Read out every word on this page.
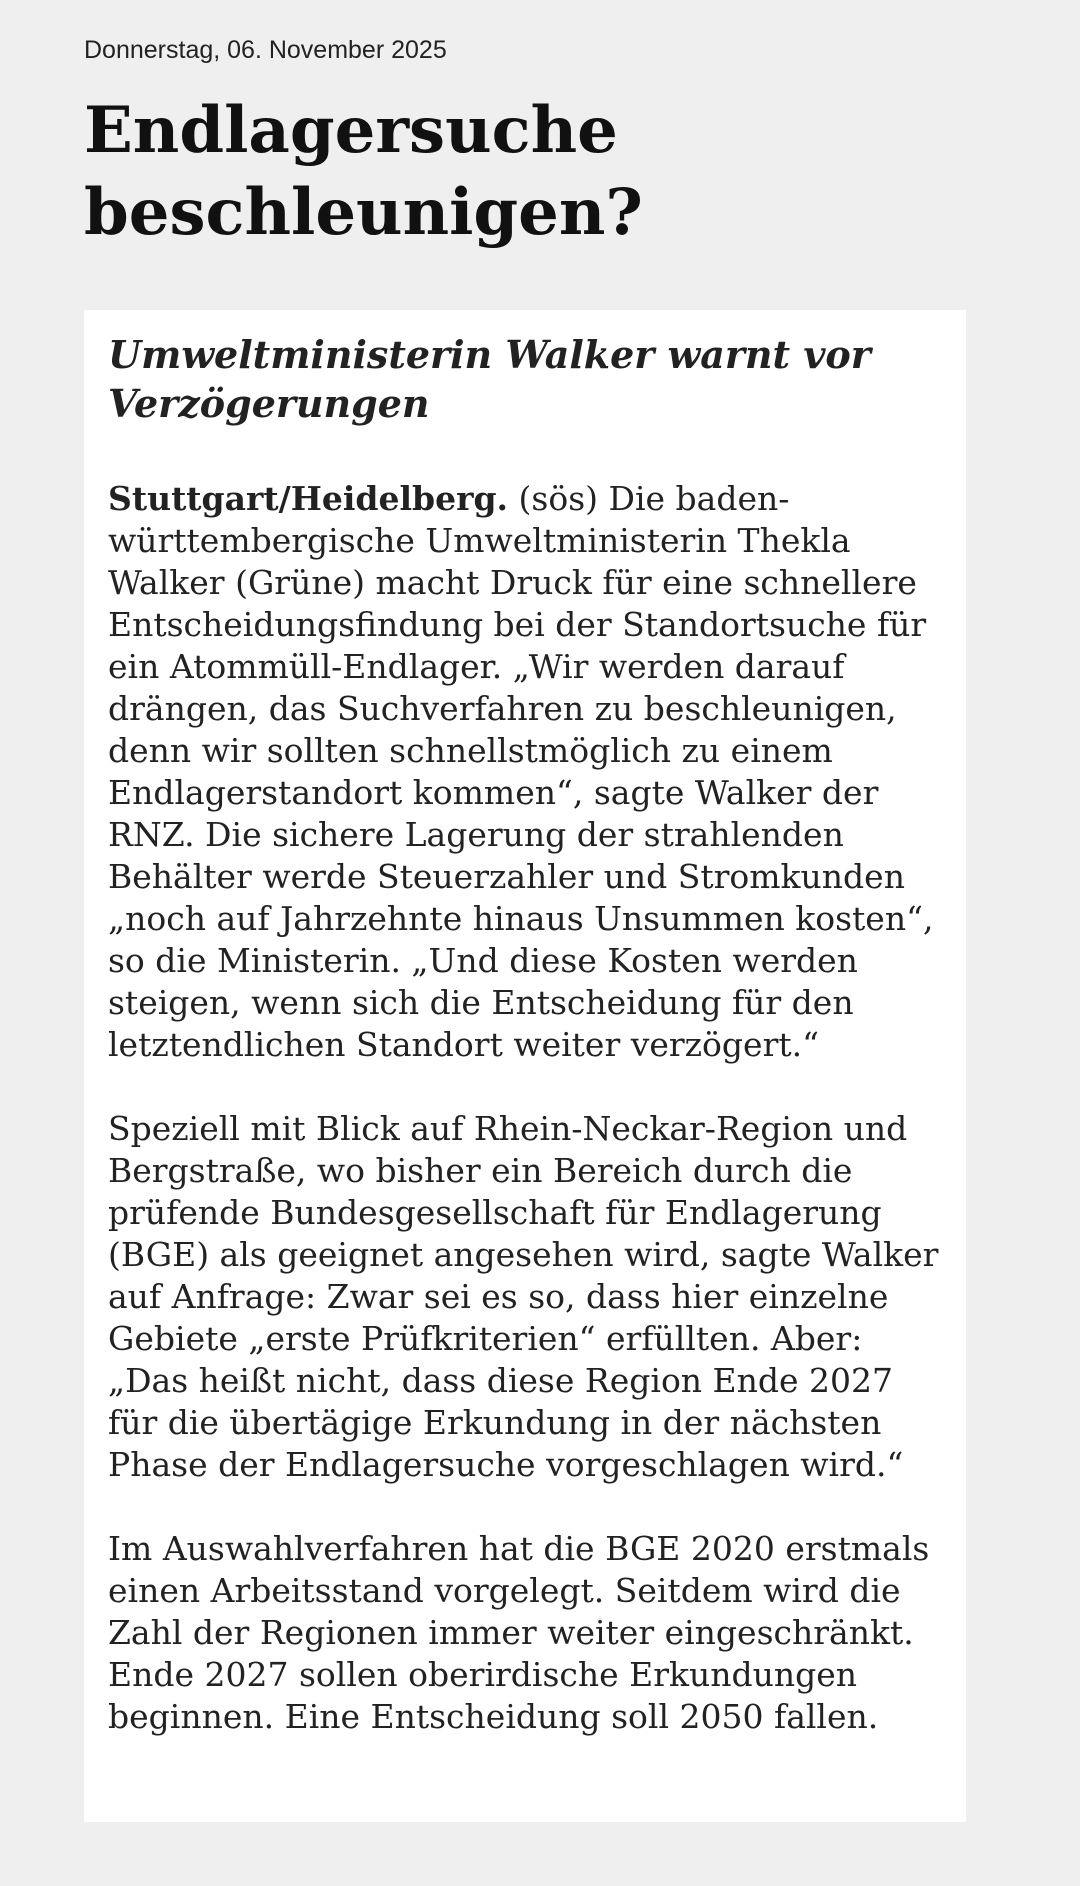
Donnerstag, 06. November 2025
Endlagersuche beschleunigen?
Umweltministerin Walker warnt vor Verzögerungen

Stuttgart/Heidelberg. (sös) Die baden-württembergische Umweltministerin Thekla Walker (Grüne) macht Druck für eine schnellere Entscheidungsfindung bei der Standortsuche für ein Atommüll-Endlager. „Wir werden darauf drängen, das Suchverfahren zu beschleunigen, denn wir sollten schnellstmöglich zu einem Endlagerstandort kommen“, sagte Walker der RNZ. Die sichere Lagerung der strahlenden Behälter werde Steuerzahler und Stromkunden „noch auf Jahrzehnte hinaus Unsummen kosten“, so die Ministerin. „Und diese Kosten werden steigen, wenn sich die Entscheidung für den letztendlichen Standort weiter verzögert.“

Speziell mit Blick auf Rhein-Neckar-Region und Bergstraße, wo bisher ein Bereich durch die prüfende Bundesgesellschaft für Endlagerung (BGE) als geeignet angesehen wird, sagte Walker auf Anfrage: Zwar sei es so, dass hier einzelne Gebiete „erste Prüfkriterien“ erfüllten. Aber: „Das heißt nicht, dass diese Region Ende 2027 für die übertägige Erkundung in der nächsten Phase der Endlagersuche vorgeschlagen wird.“

Im Auswahlverfahren hat die BGE 2020 erstmals einen Arbeitsstand vorgelegt. Seitdem wird die Zahl der Regionen immer weiter eingeschränkt. Ende 2027 sollen oberirdische Erkundungen beginnen. Eine Entscheidung soll 2050 fallen.
